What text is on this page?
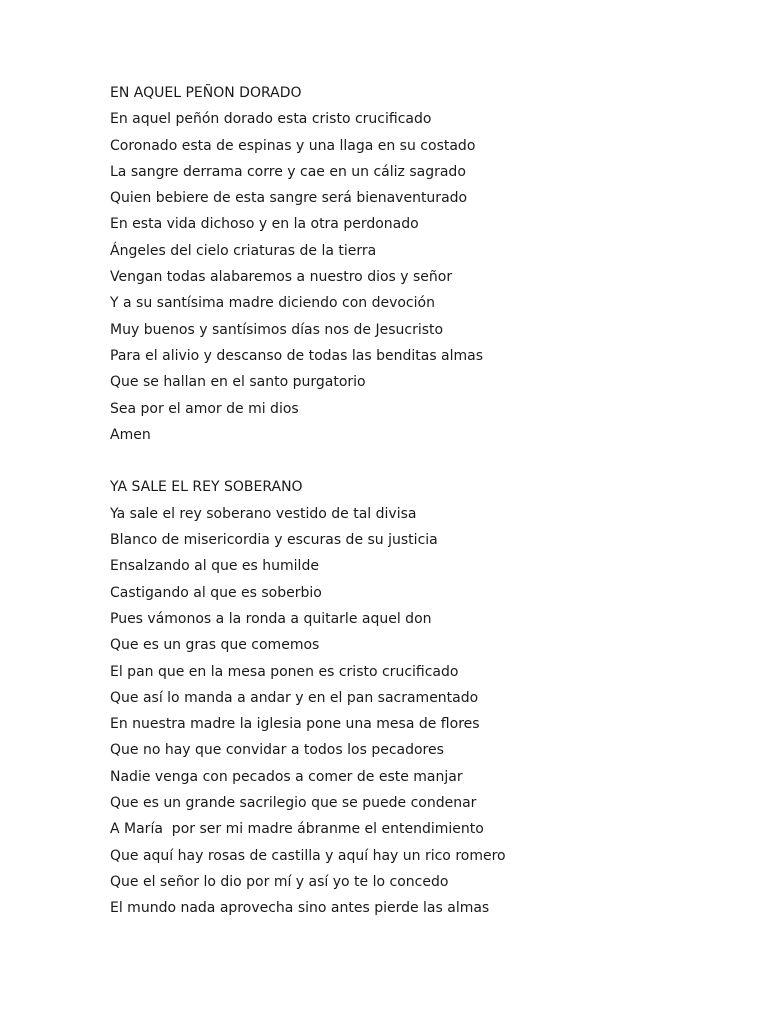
EN AQUEL PEÑON DORADO
En aquel peñón dorado esta cristo crucificado
Coronado esta de espinas y una llaga en su costado
La sangre derrama corre y cae en un cáliz sagrado
Quien bebiere de esta sangre será bienaventurado
En esta vida dichoso y en la otra perdonado
Ángeles del cielo criaturas de la tierra
Vengan todas alabaremos a nuestro dios y señor
Y a su santísima madre diciendo con devoción
Muy buenos y santísimos días nos de Jesucristo
Para el alivio y descanso de todas las benditas almas
Que se hallan en el santo purgatorio
Sea por el amor de mi dios
Amen
YA SALE EL REY SOBERANO
Ya sale el rey soberano vestido de tal divisa
Blanco de misericordia y escuras de su justicia
Ensalzando al que es humilde
Castigando al que es soberbio
Pues vámonos a la ronda a quitarle aquel don
Que es un gras que comemos
El pan que en la mesa ponen es cristo crucificado
Que así lo manda a andar y en el pan sacramentado
En nuestra madre la iglesia pone una mesa de flores
Que no hay que convidar a todos los pecadores
Nadie venga con pecados a comer de este manjar
Que es un grande sacrilegio que se puede condenar
A María  por ser mi madre ábranme el entendimiento
Que aquí hay rosas de castilla y aquí hay un rico romero
Que el señor lo dio por mí y así yo te lo concedo
El mundo nada aprovecha sino antes pierde las almas
